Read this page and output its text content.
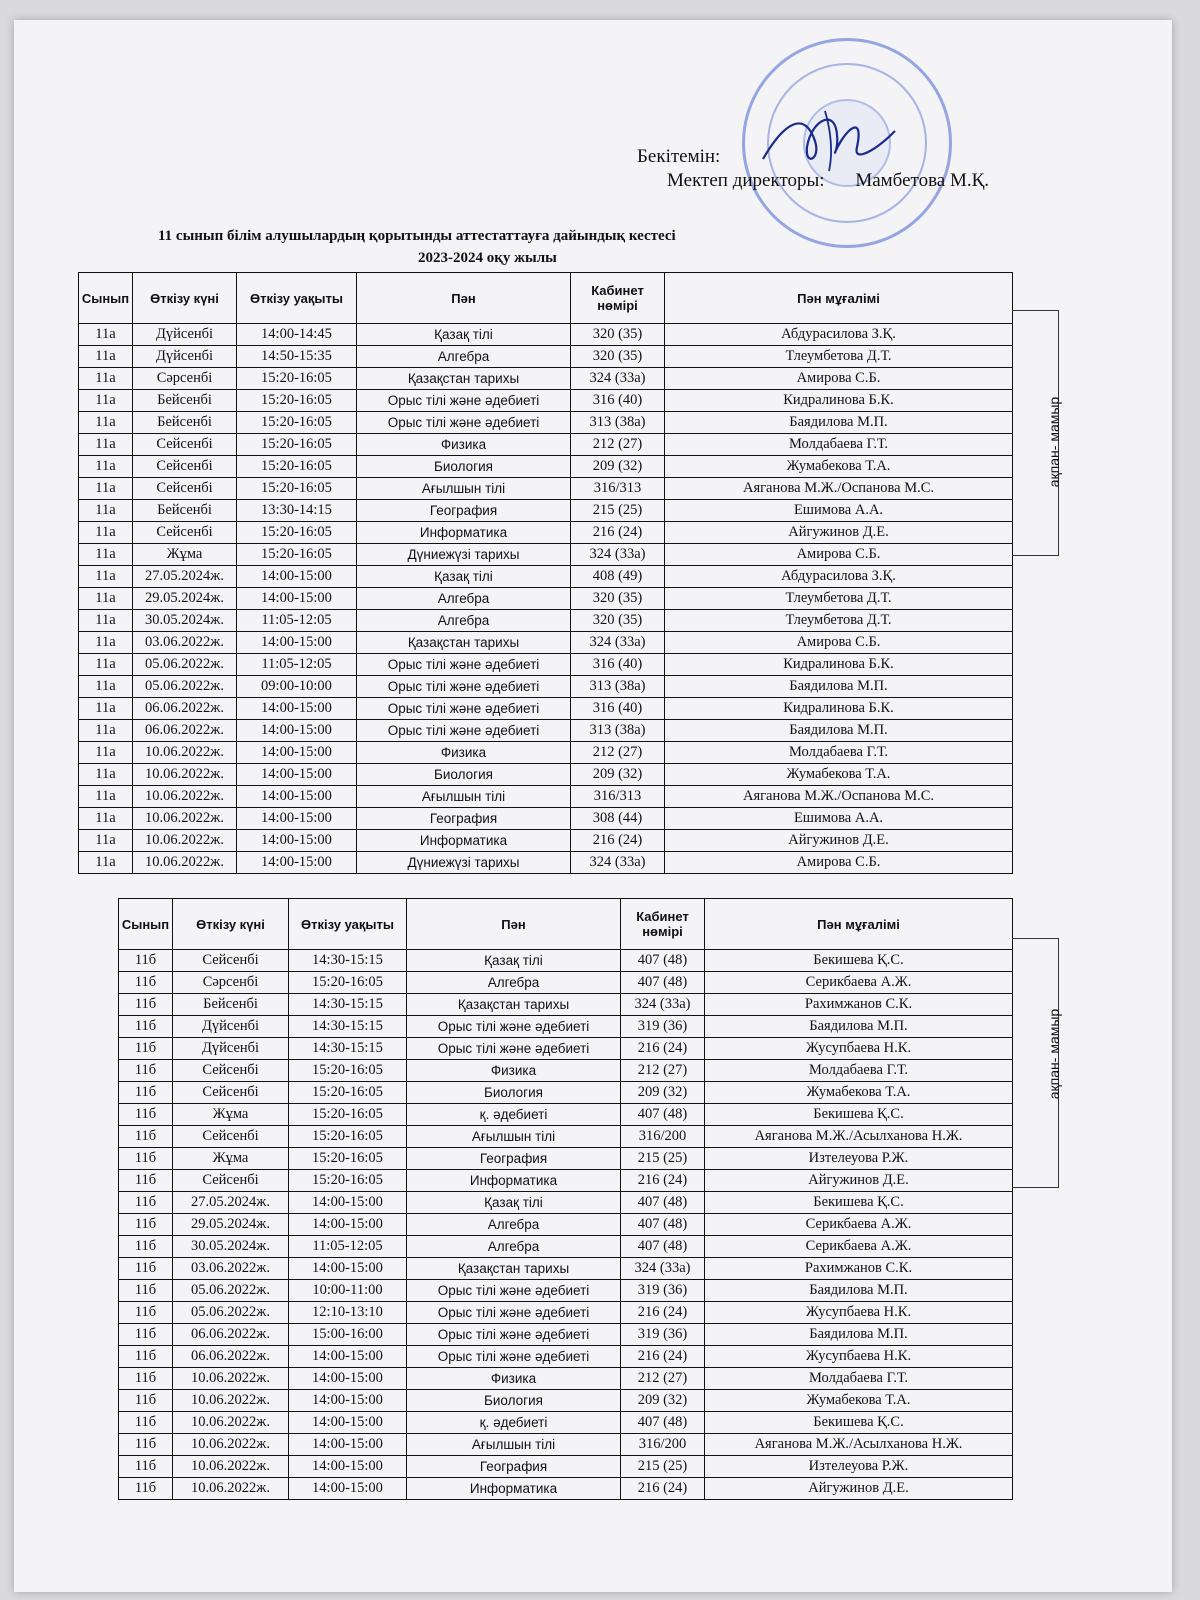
Бекітемін:
Мектеп директоры: Мамбетова М.Қ.
11 сынып білім алушылардың қорытынды аттестаттауға дайындық кестесі
2023-2024 оқу жылы
Сынып	Өткізу күні	Өткізу уақыты	Пән	Кабинет нөмірі	Пән мұғалімі
11а	Дүйсенбі	14:00-14:45	Қазақ тілі	320 (35)	Абдурасилова З.Қ.
11а	Дүйсенбі	14:50-15:35	Алгебра	320 (35)	Тлеумбетова Д.Т.
11а	Сәрсенбі	15:20-16:05	Қазақстан тарихы	324 (33а)	Амирова С.Б.
11а	Бейсенбі	15:20-16:05	Орыс тілі және әдебиеті	316 (40)	Кидралинова Б.К.
11а	Бейсенбі	15:20-16:05	Орыс тілі және әдебиеті	313 (38а)	Баядилова М.П.
11а	Сейсенбі	15:20-16:05	Физика	212 (27)	Молдабаева Г.Т.
11а	Сейсенбі	15:20-16:05	Биология	209 (32)	Жумабекова Т.А.
11а	Сейсенбі	15:20-16:05	Ағылшын тілі	316/313	Аяганова М.Ж./Оспанова М.С.
11а	Бейсенбі	13:30-14:15	География	215 (25)	Ешимова А.А.
11а	Сейсенбі	15:20-16:05	Информатика	216 (24)	Айгужинов Д.Е.
11а	Жұма	15:20-16:05	Дүниежүзі тарихы	324 (33а)	Амирова С.Б.
11а	27.05.2024ж.	14:00-15:00	Қазақ тілі	408 (49)	Абдурасилова З.Қ.
11а	29.05.2024ж.	14:00-15:00	Алгебра	320 (35)	Тлеумбетова Д.Т.
11а	30.05.2024ж.	11:05-12:05	Алгебра	320 (35)	Тлеумбетова Д.Т.
11а	03.06.2022ж.	14:00-15:00	Қазақстан тарихы	324 (33а)	Амирова С.Б.
11а	05.06.2022ж.	11:05-12:05	Орыс тілі және әдебиеті	316 (40)	Кидралинова Б.К.
11а	05.06.2022ж.	09:00-10:00	Орыс тілі және әдебиеті	313 (38а)	Баядилова М.П.
11а	06.06.2022ж.	14:00-15:00	Орыс тілі және әдебиеті	316 (40)	Кидралинова Б.К.
11а	06.06.2022ж.	14:00-15:00	Орыс тілі және әдебиеті	313 (38а)	Баядилова М.П.
11а	10.06.2022ж.	14:00-15:00	Физика	212 (27)	Молдабаева Г.Т.
11а	10.06.2022ж.	14:00-15:00	Биология	209 (32)	Жумабекова Т.А.
11а	10.06.2022ж.	14:00-15:00	Ағылшын тілі	316/313	Аяганова М.Ж./Оспанова М.С.
11а	10.06.2022ж.	14:00-15:00	География	308 (44)	Ешимова А.А.
11а	10.06.2022ж.	14:00-15:00	Информатика	216 (24)	Айгужинов Д.Е.
11а	10.06.2022ж.	14:00-15:00	Дүниежүзі тарихы	324 (33а)	Амирова С.Б.
ақпан- мамыр
Сынып	Өткізу күні	Өткізу уақыты	Пән	Кабинет нөмірі	Пән мұғалімі
11б	Сейсенбі	14:30-15:15	Қазақ тілі	407 (48)	Бекишева Қ.С.
11б	Сәрсенбі	15:20-16:05	Алгебра	407 (48)	Серикбаева А.Ж.
11б	Бейсенбі	14:30-15:15	Қазақстан тарихы	324 (33а)	Рахимжанов С.К.
11б	Дүйсенбі	14:30-15:15	Орыс тілі және әдебиеті	319 (36)	Баядилова М.П.
11б	Дүйсенбі	14:30-15:15	Орыс тілі және әдебиеті	216 (24)	Жусупбаева Н.К.
11б	Сейсенбі	15:20-16:05	Физика	212 (27)	Молдабаева Г.Т.
11б	Сейсенбі	15:20-16:05	Биология	209 (32)	Жумабекова Т.А.
11б	Жұма	15:20-16:05	қ. әдебиеті	407 (48)	Бекишева Қ.С.
11б	Сейсенбі	15:20-16:05	Ағылшын тілі	316/200	Аяганова М.Ж./Асылханова Н.Ж.
11б	Жұма	15:20-16:05	География	215 (25)	Изтелеуова Р.Ж.
11б	Сейсенбі	15:20-16:05	Информатика	216 (24)	Айгужинов Д.Е.
11б	27.05.2024ж.	14:00-15:00	Қазақ тілі	407 (48)	Бекишева Қ.С.
11б	29.05.2024ж.	14:00-15:00	Алгебра	407 (48)	Серикбаева А.Ж.
11б	30.05.2024ж.	11:05-12:05	Алгебра	407 (48)	Серикбаева А.Ж.
11б	03.06.2022ж.	14:00-15:00	Қазақстан тарихы	324 (33а)	Рахимжанов С.К.
11б	05.06.2022ж.	10:00-11:00	Орыс тілі және әдебиеті	319 (36)	Баядилова М.П.
11б	05.06.2022ж.	12:10-13:10	Орыс тілі және әдебиеті	216 (24)	Жусупбаева Н.К.
11б	06.06.2022ж.	15:00-16:00	Орыс тілі және әдебиеті	319 (36)	Баядилова М.П.
11б	06.06.2022ж.	14:00-15:00	Орыс тілі және әдебиеті	216 (24)	Жусупбаева Н.К.
11б	10.06.2022ж.	14:00-15:00	Физика	212 (27)	Молдабаева Г.Т.
11б	10.06.2022ж.	14:00-15:00	Биология	209 (32)	Жумабекова Т.А.
11б	10.06.2022ж.	14:00-15:00	қ. әдебиеті	407 (48)	Бекишева Қ.С.
11б	10.06.2022ж.	14:00-15:00	Ағылшын тілі	316/200	Аяганова М.Ж./Асылханова Н.Ж.
11б	10.06.2022ж.	14:00-15:00	География	215 (25)	Изтелеуова Р.Ж.
11б	10.06.2022ж.	14:00-15:00	Информатика	216 (24)	Айгужинов Д.Е.
ақпан- мамыр
